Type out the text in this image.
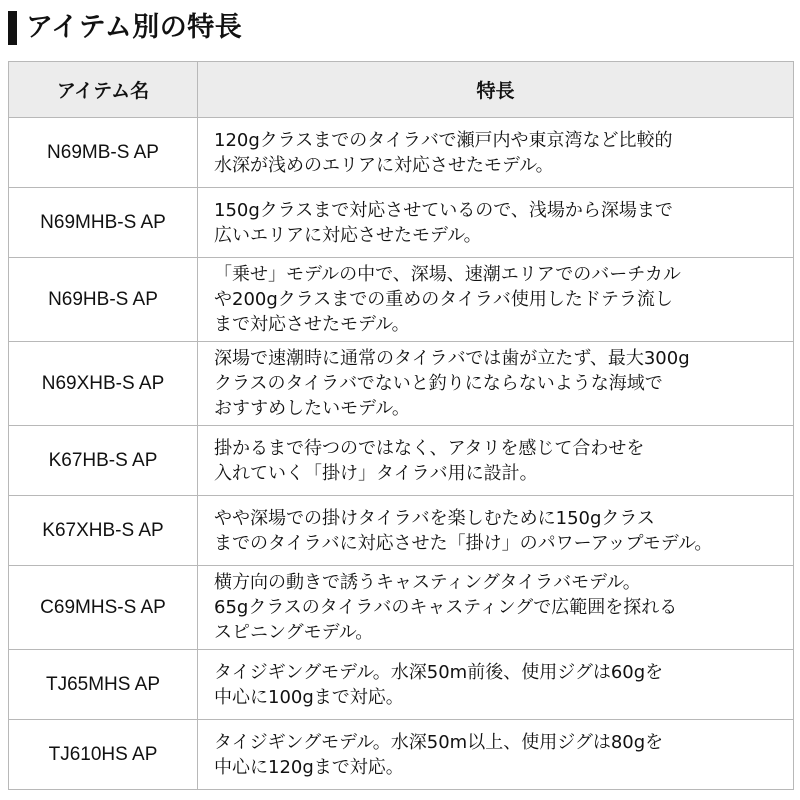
アイテム別の特長
アイテム名	特長
N69MB-S AP	120gクラスまでのタイラバで瀬戸内や東京湾など比較的
水深が浅めのエリアに対応させたモデル。

N69MHB-S AP	150gクラスまで対応させているので、浅場から深場まで
広いエリアに対応させたモデル。

N69HB-S AP	「乗せ」モデルの中で、深場、速潮エリアでのバーチカル
や200gクラスまでの重めのタイラバ使用したドテラ流し
まで対応させたモデル。

N69XHB-S AP	深場で速潮時に通常のタイラバでは歯が立たず、最大300g
クラスのタイラバでないと釣りにならないような海域で
おすすめしたいモデル。

K67HB-S AP	掛かるまで待つのではなく、アタリを感じて合わせを
入れていく「掛け」タイラバ用に設計。

K67XHB-S AP	やや深場での掛けタイラバを楽しむために150gクラス
までのタイラバに対応させた「掛け」のパワーアップモデル。

C69MHS-S AP	横方向の動きで誘うキャスティングタイラバモデル。
65gクラスのタイラバのキャスティングで広範囲を探れる
スピニングモデル。

TJ65MHS AP	タイジギングモデル。水深50m前後、使用ジグは60gを
中心に100gまで対応。

TJ610HS AP	タイジギングモデル。水深50m以上、使用ジグは80gを
中心に120gまで対応。
